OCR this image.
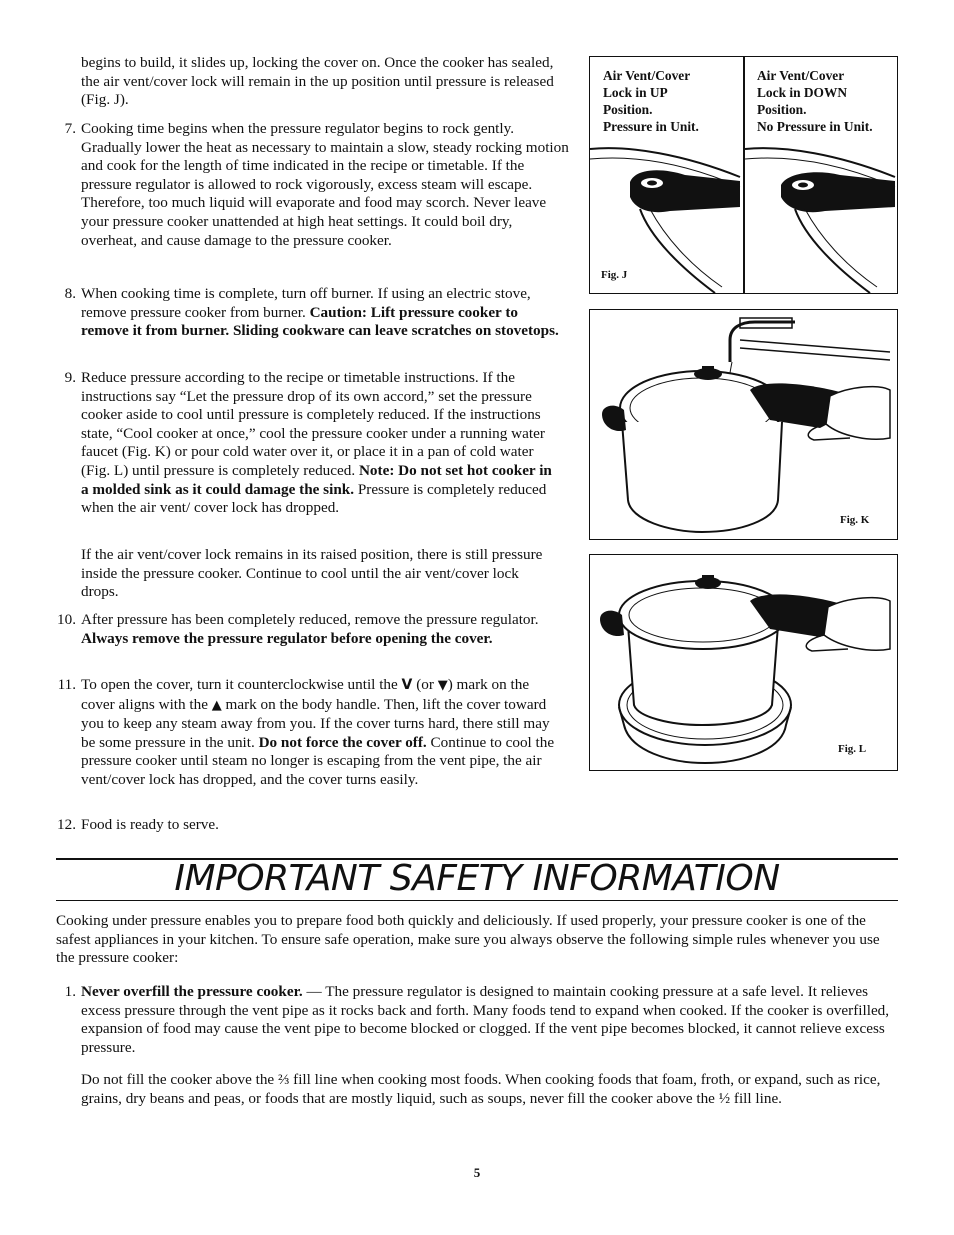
begins to build, it slides up, locking the cover on. Once the cooker has sealed, the air vent/cover lock will remain in the up position until pressure is released (Fig. J).
7. Cooking time begins when the pressure regulator begins to rock gently. Gradually lower the heat as necessary to maintain a slow, steady rocking motion and cook for the length of time indicated in the recipe or timetable. If the pressure regulator is allowed to rock vigorously, excess steam will escape. Therefore, too much liquid will evaporate and food may scorch. Never leave your pressure cooker unattended at high heat settings. It could boil dry, overheat, and cause damage to the pressure cooker.
8. When cooking time is complete, turn off burner. If using an electric stove, remove pressure cooker from burner. Caution: Lift pressure cooker to remove it from burner. Sliding cookware can leave scratches on stovetops.
9. Reduce pressure according to the recipe or timetable instructions. If the instructions say “Let the pressure drop of its own accord,” set the pressure cooker aside to cool until pressure is completely reduced. If the instructions state, “Cool cooker at once,” cool the pressure cooker under a running water faucet (Fig. K) or pour cold water over it, or place it in a pan of cold water (Fig. L) until pressure is completely reduced. Note: Do not set hot cooker in a molded sink as it could damage the sink. Pressure is completely reduced when the air vent/ cover lock has dropped.
If the air vent/cover lock remains in its raised position, there is still pressure inside the pressure cooker. Continue to cool until the air vent/cover lock drops.
10. After pressure has been completely reduced, remove the pressure regulator. Always remove the pressure regulator before opening the cover.
11. To open the cover, turn it counterclockwise until the V (or ▼) mark on the cover aligns with the ▲ mark on the body handle. Then, lift the cover toward you to keep any steam away from you. If the cover turns hard, there still may be some pressure in the unit. Do not force the cover off. Continue to cool the pressure cooker until steam no longer is escaping from the vent pipe, the air vent/cover lock has dropped, and the cover turns easily.
12. Food is ready to serve.
Air Vent/Cover
Lock in UP
Position.
Pressure in Unit.
Air Vent/Cover
Lock in DOWN
Position.
No Pressure in Unit.
Fig. J
Fig. K
Fig. L
IMPORTANT SAFETY INFORMATION
Cooking under pressure enables you to prepare food both quickly and deliciously. If used properly, your pressure cooker is one of the safest appliances in your kitchen. To ensure safe operation, make sure you always observe the following simple rules whenever you use the pressure cooker:
1. Never overfill the pressure cooker. — The pressure regulator is designed to maintain cooking pressure at a safe level. It relieves excess pressure through the vent pipe as it rocks back and forth. Many foods tend to expand when cooked. If the cooker is overfilled, expansion of food may cause the vent pipe to become blocked or clogged. If the vent pipe becomes blocked, it cannot relieve excess pressure.
Do not fill the cooker above the ⅔ fill line when cooking most foods. When cooking foods that foam, froth, or expand, such as rice, grains, dry beans and peas, or foods that are mostly liquid, such as soups, never fill the cooker above the ½ fill line.
5
